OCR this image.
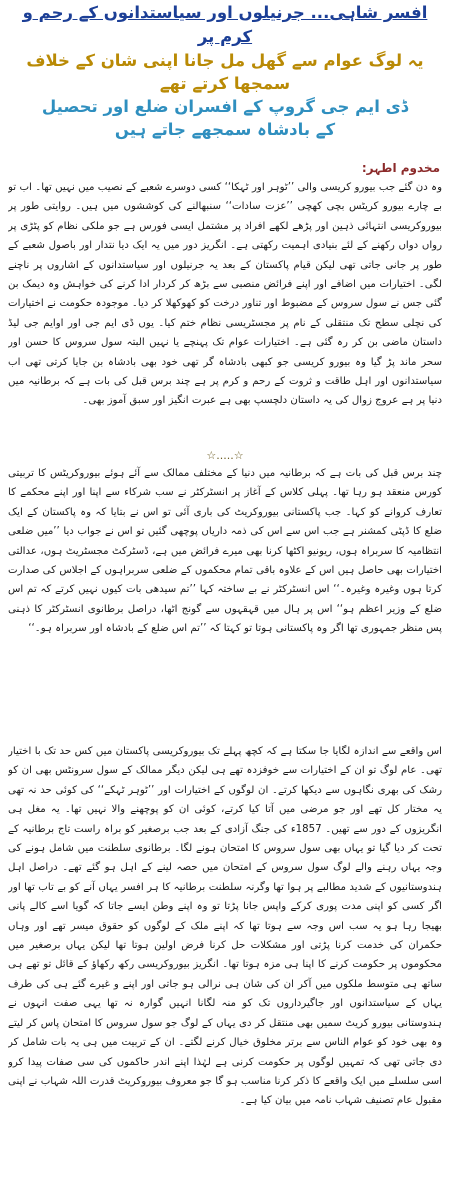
افسر شاہی... جرنیلوں اور سیاستدانوں کے رحم و کرم پر
یہ لوگ عوام سے گھل مل جانا اپنی شان کے خلاف
سمجھا کرتے تھے
ڈی ایم جی گروپ کے افسران ضلع اور تحصیل
کے بادشاہ سمجھے جاتے ہیں
مخدوم اطہر:

وہ دن گئے جب بیورو کریسی والی ’’ٹوہر اور ٹہکا‘‘ کسی دوسرے شعبے کے نصیب میں نہیں تھا۔ اب تو بے چارے بیورو کریٹس بچی کھچی ’’عزت سادات‘‘ سنبھالنے کی کوششوں میں ہیں۔ روایتی طور پر بیوروکریسی انتہائی ذہین اور پڑھے لکھے افراد پر مشتمل ایسی فورس ہے جو ملکی نظام کو پٹڑی پر رواں دواں رکھنے کے لئے بنیادی اہمیت رکھتی ہے۔ انگریز دور میں یہ ایک دیا نتدار اور باصول شعبے کے طور پر جانی جاتی تھی لیکن قیام پاکستان کے بعد یہ جرنیلوں اور سیاستدانوں کے اشاروں پر ناچنے لگی۔ اختیارات میں اضافے اور اپنے فرائض منصبی سے بڑھ کر کردار ادا کرنے کی خواہش وہ دیمک بن گئی جس نے سول سروس کے مضبوط اور تناور درخت کو کھوکھلا کر دیا۔ موجودہ حکومت نے اختیارات کی نچلی سطح تک منتقلی کے نام پر مجسٹریسی نظام ختم کیا۔ یوں ڈی ایم جی اور اوایم جی لیڈ داستان ماضی بن کر رہ گئی ہے۔ اختیارات عوام تک پہنچے یا نہیں البتہ سول سروس کا حسن اور سحر ماند پڑ گیا وہ بیورو کریسی جو کبھی بادشاہ گر تھی خود بھی بادشاہ بن جایا کرتی تھی اب سیاستدانوں اور اہل طاقت و ثروت کے رحم و کرم پر ہے چند برس قبل کی بات ہے کہ برطانیہ میں دنیا پر ہے عروج زوال کی یہ داستان دلچسپ بھی ہے عبرت انگیز اور سبق آموز بھی۔

☆.....☆

چند برس قبل کی بات ہے کہ برطانیہ میں دنیا کے مختلف ممالک سے آئے ہوئے بیوروکریٹس کا تربیتی کورس منعقد ہو رہا تھا۔ پہلی کلاس کے آغاز پر انسٹرکٹر نے سب شرکاء سے اپنا اور اپنے محکمے کا تعارف کروانے کو کہا۔ جب پاکستانی بیوروکریٹ کی باری آئی تو اس نے بتایا کہ وہ پاکستان کے ایک ضلع کا ڈپٹی کمشنر ہے جب اس سے اس کی ذمہ داریاں پوچھی گئیں تو اس نے جواب دیا ’’میں ضلعی انتظامیہ کا سربراہ ہوں، ریونیو اکٹھا کرنا بھی میرے فرائض میں ہے، ڈسٹرکٹ مجسٹریٹ ہوں، عدالتی اختیارات بھی حاصل ہیں اس کے علاوہ باقی تمام محکموں کے ضلعی سربراہوں کے اجلاس کی صدارت کرتا ہوں وغیرہ وغیرہ۔‘‘ اس انسٹرکٹر نے بے ساختہ کہا ’’تم سیدھی بات کیوں نہیں کرتے کہ تم اس ضلع کے وزیر اعظم ہو‘‘ اس پر ہال میں قہقہوں سے گونج اٹھا، دراصل برطانوی انسٹرکٹر کا ذہنی پس منظر جمہوری تھا اگر وہ پاکستانی ہوتا تو کہتا کہ ’’تم اس ضلع کے بادشاہ اور سربراہ ہو۔‘‘

اس واقعے سے اندازہ لگایا جا سکتا ہے کہ کچھ پہلے تک بیوروکریسی پاکستان میں کس حد تک با اختیار تھی۔ عام لوگ تو ان کے اختیارات سے خوفزدہ تھے ہی لیکن دیگر ممالک کے سول سرونٹس بھی ان کو رشک کی بھری نگاہوں سے دیکھا کرتے۔ ان لوگوں کے اختیارات اور ’’ٹوہر ٹہکے‘‘ کی کوئی حد نہ تھی یہ مختار کل تھے اور جو مرضی میں آتا کیا کرتے، کوئی ان کو پوچھنے والا نہیں تھا۔ یہ مغل ہی انگریزوں کے دور سے تھیں۔ 1857ء کی جنگ آزادی کے بعد جب برصغیر کو براہ راست تاج برطانیہ کے تحت کر دیا گیا تو یہاں بھی سول سروس کا امتحان ہونے لگا۔ برطانوی سلطنت میں شامل ہونے کی وجہ یہاں رہنے والے لوگ سول سروس کے امتحان میں حصہ لینے کے اہل ہو گئے تھے۔ دراصل اہل ہندوستانیوں کے شدید مطالبے پر ہوا تھا وگرنہ سلطنت برطانیہ کا ہر افسر یہاں آنے کو بے تاب تھا اور اگر کسی کو اپنی مدت پوری کرکے واپس جانا پڑتا تو وہ اپنے وطن ایسے جاتا کہ گویا اسے کالے پانی بھیجا رہا ہو یہ سب اس وجہ سے ہوتا تھا کہ اپنے ملک کے لوگوں کو حقوق میسر تھے اور وہاں حکمران کی خدمت کرنا پڑتی اور مشکلات حل کرنا فرض اولین ہوتا تھا لیکن یہاں برصغیر میں محکوموں پر حکومت کرنے کا اپنا ہی مزہ ہوتا تھا۔ انگریز بیوروکریسی رکھ رکھاؤ کے قائل تو تھے ہی ساتھ ہی متوسط ملکوں میں آکر ان کی شان ہی نرالی ہو جاتی اور اپنے و غیرے گئے ہی کی طرف یہاں کے سیاستدانوں اور جاگیرداروں تک کو منہ لگانا انہیں گوارہ نہ تھا یہی صفت انہوں نے ہندوستانی بیورو کریٹ سمیں بھی منتقل کر دی یہاں کے لوگ جو سول سروس کا امتحان پاس کر لیتے وہ بھی خود کو عوام الناس سے برتر مخلوق خیال کرنے لگتے۔ ان کے تربیت میں ہی یہ بات شامل کر دی جاتی تھی کہ تمہیں لوگوں پر حکومت کرنی ہے لہٰذا اپنے اندر حاکموں کی سی صفات پیدا کرو اسی سلسلے میں ایک واقعے کا ذکر کرنا مناسب ہو گا جو معروف بیوروکریٹ قدرت اللہ شہاب نے اپنی مقبول عام تصنیف شہاب نامہ میں بیان کیا ہے۔
